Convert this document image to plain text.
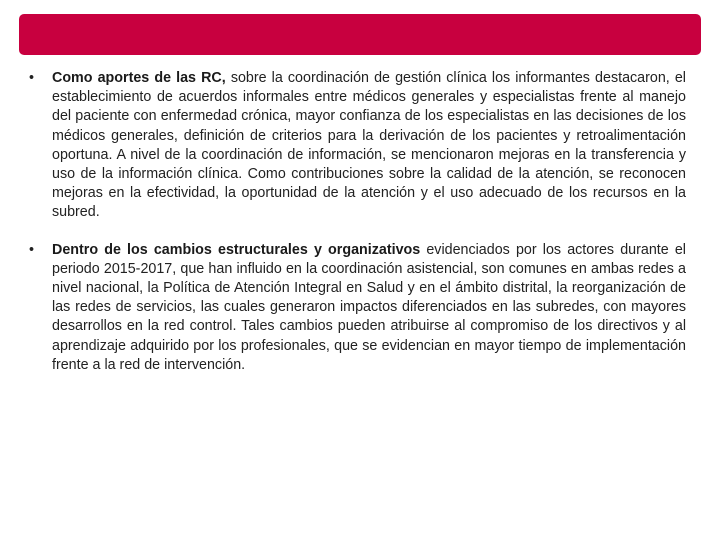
• Como aportes de las RC, sobre la coordinación de gestión clínica los informantes destacaron, el establecimiento de acuerdos informales entre médicos generales y especialistas frente al manejo del paciente con enfermedad crónica, mayor confianza de los especialistas en las decisiones de los médicos generales, definición de criterios para la derivación de los pacientes y retroalimentación oportuna. A nivel de la coordinación de información, se mencionaron mejoras en la transferencia y uso de la información clínica. Como contribuciones sobre la calidad de la atención, se reconocen mejoras en la efectividad, la oportunidad de la atención y el uso adecuado de los recursos en la subred.
• Dentro de los cambios estructurales y organizativos evidenciados por los actores durante el periodo 2015-2017, que han influido en la coordinación asistencial, son comunes en ambas redes a nivel nacional, la Política de Atención Integral en Salud y en el ámbito distrital, la reorganización de las redes de servicios, las cuales generaron impactos diferenciados en las subredes, con mayores desarrollos en la red control. Tales cambios pueden atribuirse al compromiso de los directivos y al aprendizaje adquirido por los profesionales, que se evidencian en mayor tiempo de implementación frente a la red de intervención.
